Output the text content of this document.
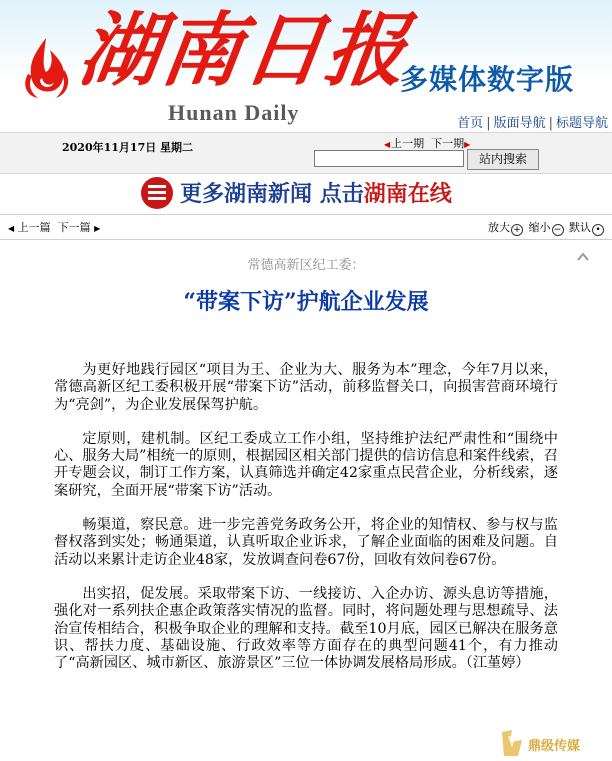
湖南日报
Hunan Daily
多媒体数字版
首页 | 版面导航 | 标题导航
2020年11月17日 星期二	◀上一期 下一期▶
站内搜索
更多湖南新闻 点击湖南在线
◀ 上一篇 下一篇 ▶	放大 + 缩小 − 默认 •
常德高新区纪工委：
“带案下访”护航企业发展

为更好地践行园区“项目为王、企业为大、服务为本”理念，今年7月以来，常德高新区纪工委积极开展“带案下访”活动，前移监督关口，向损害营商环境行为“亮剑”，为企业发展保驾护航。

定原则，建机制。区纪工委成立工作小组，坚持维护法纪严肃性和“围绕中心、服务大局”相统一的原则，根据园区相关部门提供的信访信息和案件线索，召开专题会议，制订工作方案，认真筛选并确定42家重点民营企业，分析线索，逐案研究，全面开展“带案下访”活动。

畅渠道，察民意。进一步完善党务政务公开，将企业的知情权、参与权与监督权落到实处；畅通渠道，认真听取企业诉求，了解企业面临的困难及问题。自活动以来累计走访企业48家，发放调查问卷67份，回收有效问卷67份。

出实招，促发展。采取带案下访、一线接访、入企办访、源头息访等措施，强化对一系列扶企惠企政策落实情况的监督。同时，将问题处理与思想疏导、法治宣传相结合，积极争取企业的理解和支持。截至10月底，园区已解决在服务意识、帮扶力度、基础设施、行政效率等方面存在的典型问题41个，有力推动了“高新园区、城市新区、旅游景区”三位一体协调发展格局形成。（江堇婷）

鼎级传媒
